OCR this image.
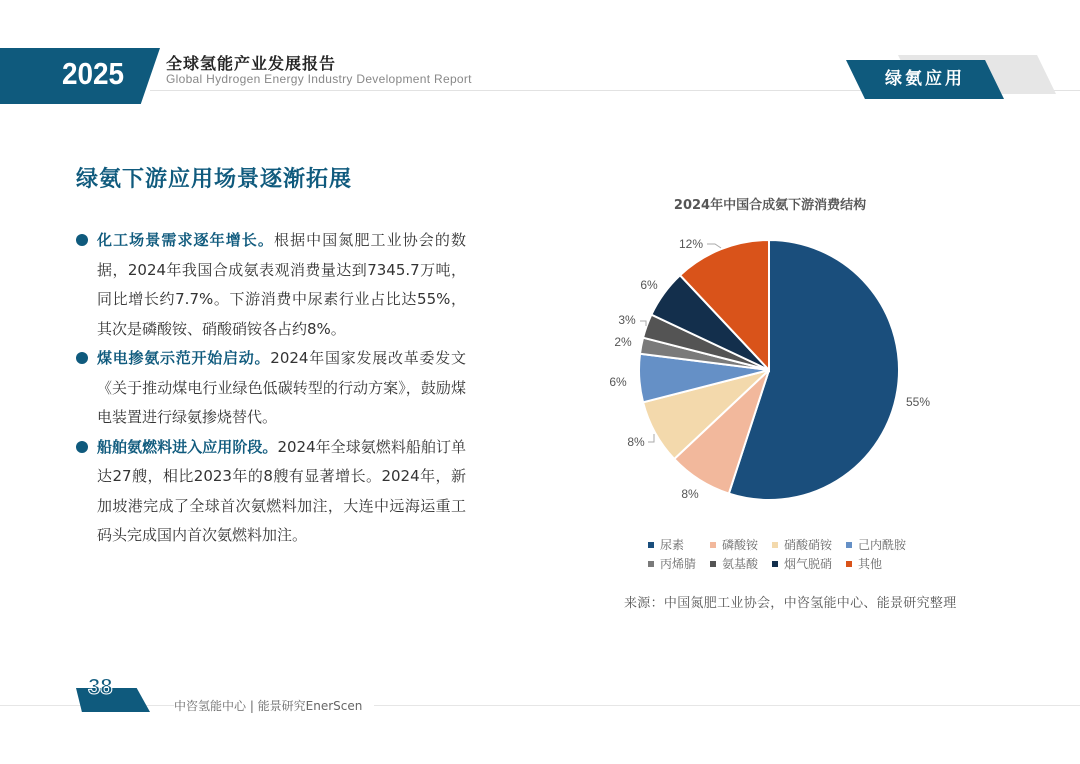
2025	全球氢能产业发展报告
Global Hydrogen Energy Industry Development Report	绿氨应用
绿氨下游应用场景逐渐拓展
化工场景需求逐年增长。根据中国氮肥工业协会的数据，2024年我国合成氨表观消费量达到7345.7万吨，同比增长约7.7%。下游消费中尿素行业占比达55%，其次是磷酸铵、硝酸硝铵各占约8%。
煤电掺氨示范开始启动。2024年国家发展改革委发文《关于推动煤电行业绿色低碳转型的行动方案》，鼓励煤电装置进行绿氨掺烧替代。
船舶氨燃料进入应用阶段。2024年全球氨燃料船舶订单达27艘，相比2023年的8艘有显著增长。2024年，新加坡港完成了全球首次氨燃料加注，大连中远海运重工码头完成国内首次氨燃料加注。
2024年中国合成氨下游消费结构
55%
8%
8%
6%
2%
3%
6%
12%
尿素	磷酸铵 硝酸硝铵 己内酰胺
丙烯腈 氨基酸 烟气脱硝 其他
来源：中国氮肥工业协会，中咨氢能中心、能景研究整理
38
中咨氢能中心 | 能景研究EnerScen
